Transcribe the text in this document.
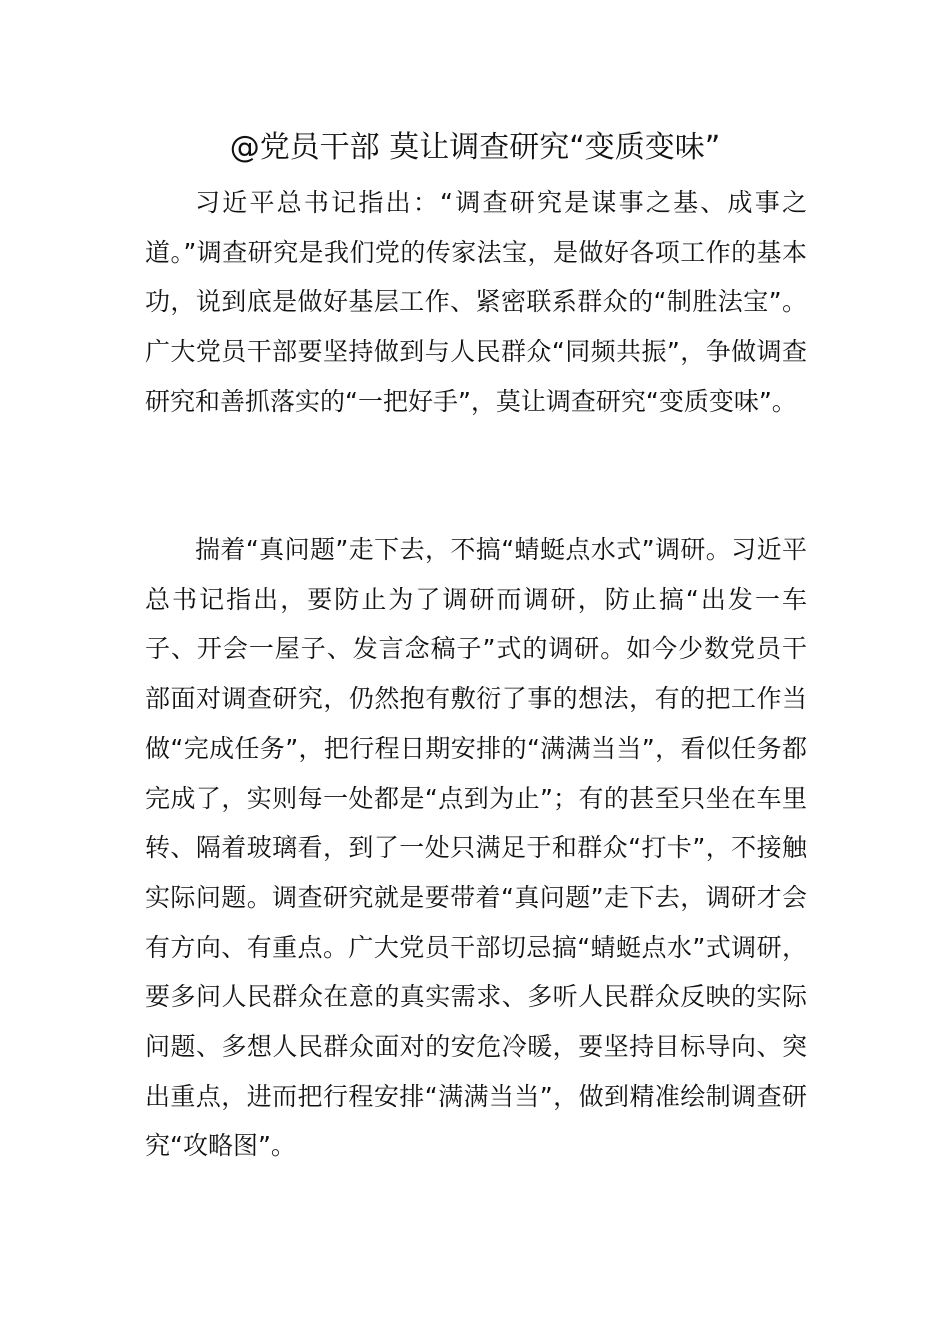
@党员干部 莫让调查研究“变质变味”

习近平总书记指出：“调查研究是谋事之基、成事之道。”调查研究是我们党的传家法宝，是做好各项工作的基本功，说到底是做好基层工作、紧密联系群众的“制胜法宝”。广大党员干部要坚持做到与人民群众“同频共振”，争做调查研究和善抓落实的“一把好手”，莫让调查研究“变质变味”。

揣着“真问题”走下去，不搞“蜻蜓点水式”调研。习近平总书记指出，要防止为了调研而调研，防止搞“出发一车子、开会一屋子、发言念稿子”式的调研。如今少数党员干部面对调查研究，仍然抱有敷衍了事的想法，有的把工作当做“完成任务”，把行程日期安排的“满满当当”，看似任务都完成了，实则每一处都是“点到为止”；有的甚至只坐在车里转、隔着玻璃看，到了一处只满足于和群众“打卡”，不接触实际问题。调查研究就是要带着“真问题”走下去，调研才会有方向、有重点。广大党员干部切忌搞“蜻蜓点水”式调研，要多问人民群众在意的真实需求、多听人民群众反映的实际问题、多想人民群众面对的安危冷暖，要坚持目标导向、突出重点，进而把行程安排“满满当当”，做到精准绘制调查研究“攻略图”。
